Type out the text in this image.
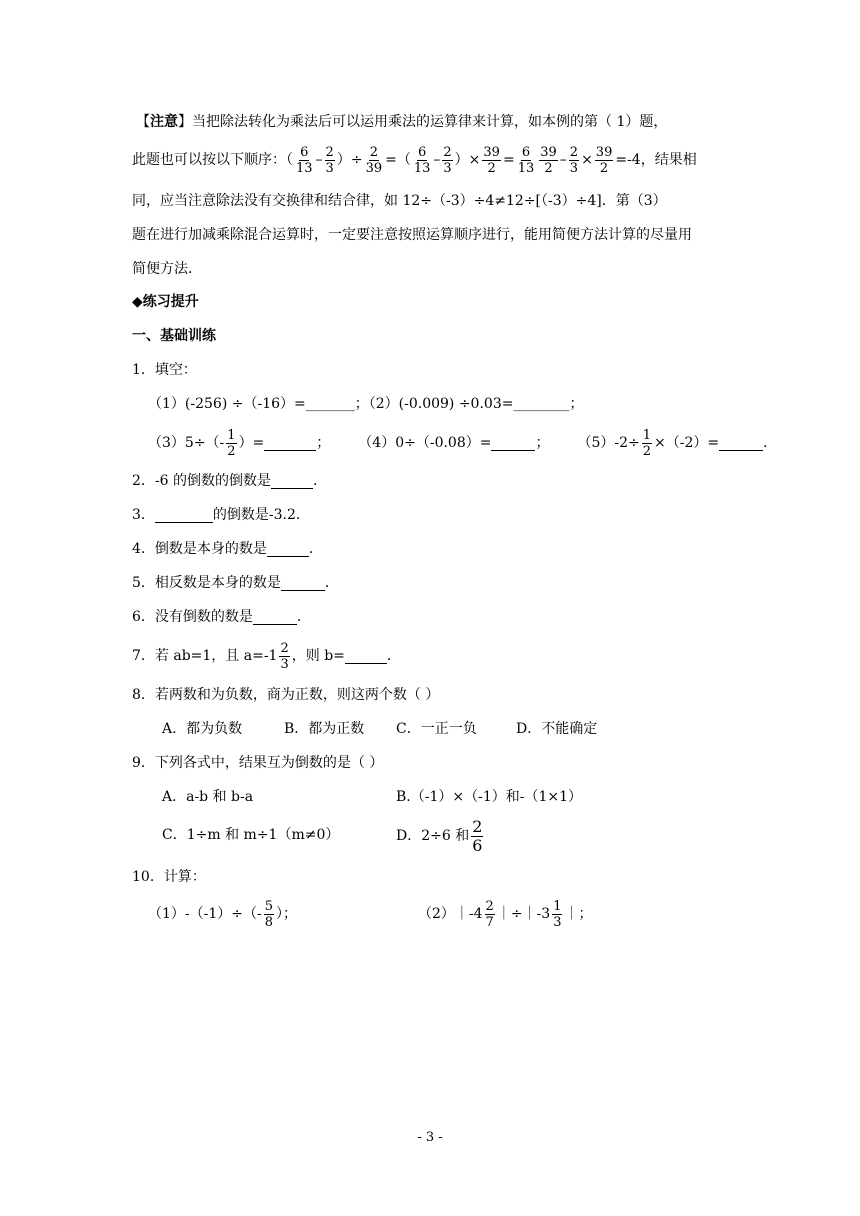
【 注意 】 当把除法转化为乘法后可以运用乘法的运算律来计算，如本例的第（ 1）题，
此题也可以按以下顺序：（ $\frac{6}{13} - \frac{2}{3}$ ）÷ $\frac{2}{39}$ =（ $\frac{6}{13} - \frac{2}{3}$ ）× $\frac{39}{2} = \frac{6}{13} \frac{39}{2} - \frac{2}{3} \times \frac{39}{2} =-4$，结果相
同，应当注意除法没有交换律和结合律，如 12÷（-3）÷4≠12÷[（-3）÷4]．第（3）
题在进行加减乘除混合运算时，一定要注意按照运算顺序进行，能用简便方法计算的尽量用
简便方法．
◆练习提升
一、基础训练
1．填空：
（1）(-256) ÷（-16）=_______；（2）(-0.009) ÷0.03=________；
$(3)5\div(- \frac{1}{2}$ ）=	； （4）0÷（-0.08）=	； $(5)-2\div \frac{1}{2} \times(-2)=$	．
2．-6 的倒数的倒数是	．
3．	的倒数是-3.2．
4．倒数是本身的数是	．
5．相反数是本身的数是	．
6．没有倒数的数是	．
7．若 ab=1，且 $a=-1 \frac{2}{3}$ ，则 b=	．
8．若两数和为负数，商为正数，则这两个数（ ）
A．都为负数	B．都为正数 C．一正一负	D．不能确定
9．下列各式中，结果互为倒数的是（ ）
A．a-b 和 b-a	B.（-1）×（-1）和-（1×1）
C．1÷m 和 m÷1（m≠0）	D．2÷6 和 $\frac{2}{6}$
10．计算：
$(1)-(-1)\div(- \frac{5}{8}$ ）；	（2）｜-4 $\frac{2}{7}$ ｜÷｜-3 $\frac{1}{3}$ ｜；
- 3 -
